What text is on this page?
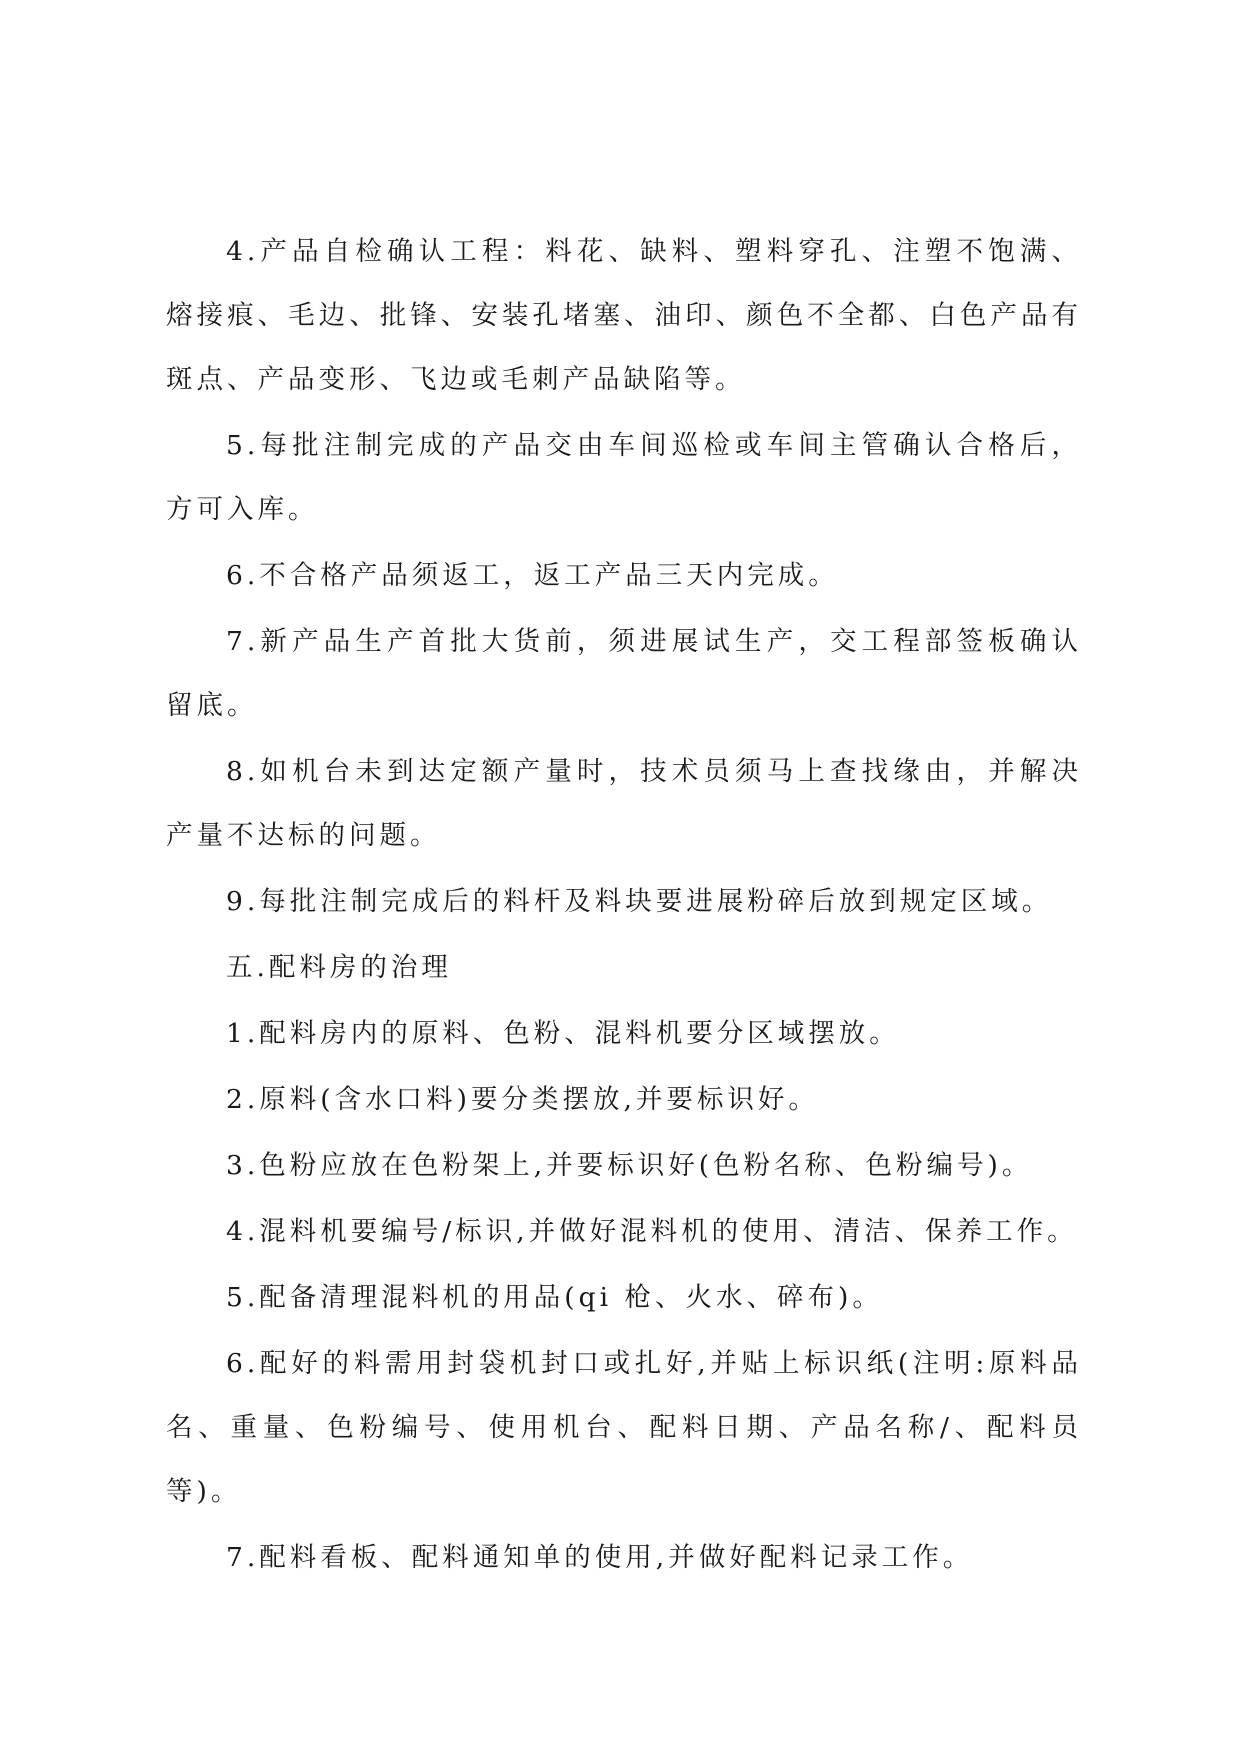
4.产品自检确认工程：料花、缺料、塑料穿孔、注塑不饱满、熔接痕、毛边、批锋、安装孔堵塞、油印、颜色不全都、白色产品有斑点、产品变形、飞边或毛刺产品缺陷等。

5.每批注制完成的产品交由车间巡检或车间主管确认合格后，方可入库。

6.不合格产品须返工，返工产品三天内完成。

7.新产品生产首批大货前，须进展试生产，交工程部签板确认留底。

8.如机台未到达定额产量时，技术员须马上查找缘由，并解决产量不达标的问题。

9.每批注制完成后的料杆及料块要进展粉碎后放到规定区域。

五.配料房的治理

1.配料房内的原料、色粉、混料机要分区域摆放。

2.原料(含水口料)要分类摆放,并要标识好。

3.色粉应放在色粉架上,并要标识好(色粉名称、色粉编号)。

4.混料机要编号/标识,并做好混料机的使用、清洁、保养工作。

5.配备清理混料机的用品(qi 枪、火水、碎布)。

6.配好的料需用封袋机封口或扎好,并贴上标识纸(注明:原料品名、重量、色粉编号、使用机台、配料日期、产品名称/、配料员等)。

7.配料看板、配料通知单的使用,并做好配料记录工作。
